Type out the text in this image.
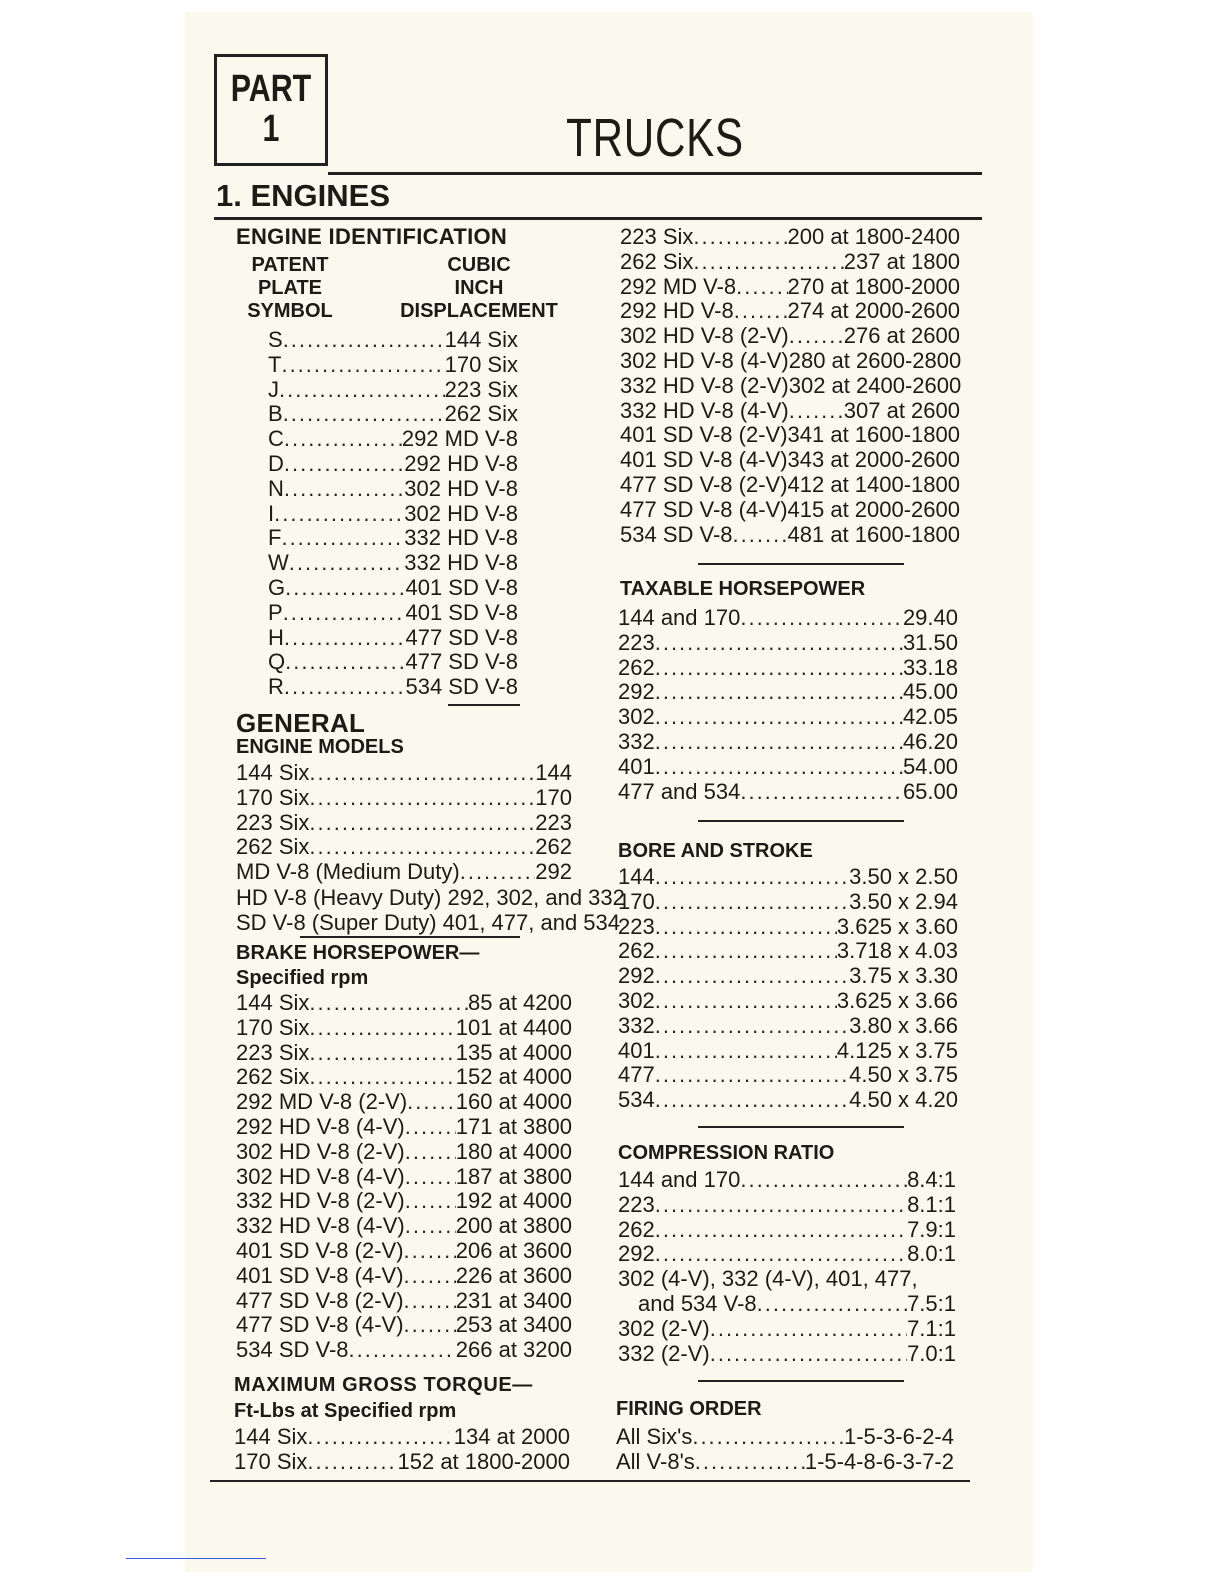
PART
1	TRUCKS
1. ENGINES
ENGINE IDENTIFICATION
PATENT
PLATE
SYMBOL
CUBIC
INCH
DISPLACEMENT
S .....	144 Six
T .....	170 Six
J .....	223 Six
B .....	262 Six
C .....	292 MD V-8
D .....	292 HD V-8
N .....	302 HD V-8
I .....	302 HD V-8
F .....	332 HD V-8
W .....	332 HD V-8
G .....	401 SD V-8
P .....	401 SD V-8
H .....	477 SD V-8
Q .....	477 SD V-8
R .....	534 SD V-8
GENERAL
ENGINE MODELS
144 Six .....	144
170 Six .....	170
223 Six .....	223
262 Six .....	262
MD V-8 (Medium Duty) .....	292
HD V-8 (Heavy Duty) 292, 302, and 332
SD V-8 (Super Duty) 401, 477, and 534
BRAKE HORSEPOWER—
Specified rpm
144 Six .....	85 at 4200
170 Six .....	101 at 4400
223 Six .....	135 at 4000
262 Six .....	152 at 4000
292 MD V-8 (2-V) ..... 160 at 4000
292 HD V-8 (4-V) ..... 171 at 3800
302 HD V-8 (2-V) ..... 180 at 4000
302 HD V-8 (4-V) ..... 187 at 3800
332 HD V-8 (2-V) ..... 192 at 4000
332 HD V-8 (4-V) ..... 200 at 3800
401 SD V-8 (2-V) ..... 206 at 3600
401 SD V-8 (4-V) ..... 226 at 3600
477 SD V-8 (2-V) ..... 231 at 3400
477 SD V-8 (4-V) ..... 253 at 3400
534 SD V-8 .....	266 at 3200
MAXIMUM GROSS TORQUE—
Ft-Lbs at Specified rpm
144 Six .....	134 at 2000
170 Six .....	152 at 1800-2000
223 Six .....	200 at 1800-2400
262 Six .....	237 at 1800
292 MD V-8 ..... 270 at 1800-2000
292 HD V-8 ..... 274 at 2000-2600
302 HD V-8 (2-V) .....	276 at 2600
302 HD V-8 (4-V) 280 at 2600-2800
332 HD V-8 (2-V) 302 at 2400-2600
332 HD V-8 (4-V) .....	307 at 2600
401 SD V-8 (2-V) 341 at 1600-1800
401 SD V-8 (4-V) 343 at 2000-2600
477 SD V-8 (2-V) 412 at 1400-1800
477 SD V-8 (4-V) 415 at 2000-2600
534 SD V-8 ..... 481 at 1600-1800
TAXABLE HORSEPOWER
144 and 170 .....	29.40
223 .....	31.50
262 .....	33.18
292 .....	45.00
302 .....	42.05
332 .....	46.20
401 .....	54.00
477 and 534 .....	65.00
BORE AND STROKE
144 .....	3.50 x 2.50
170 .....	3.50 x 2.94
223 .....	3.625 x 3.60
262 .....	3.718 x 4.03
292 .....	3.75 x 3.30
302 .....	3.625 x 3.66
332 .....	3.80 x 3.66
401 .....	4.125 x 3.75
477 .....	4.50 x 3.75
534 .....	4.50 x 4.20
COMPRESSION RATIO
144 and 170 .....	8.4:1
223 .....	8.1:1
262 .....	7.9:1
292 .....	8.0:1
302 (4-V), 332 (4-V), 401, 477,
and 534 V-8 .....	7.5:1
302 (2-V) .....	7.1:1
332 (2-V) .....	7.0:1
FIRING ORDER
All Six's .....	1-5-3-6-2-4
All V-8's .....	1-5-4-8-6-3-7-2
